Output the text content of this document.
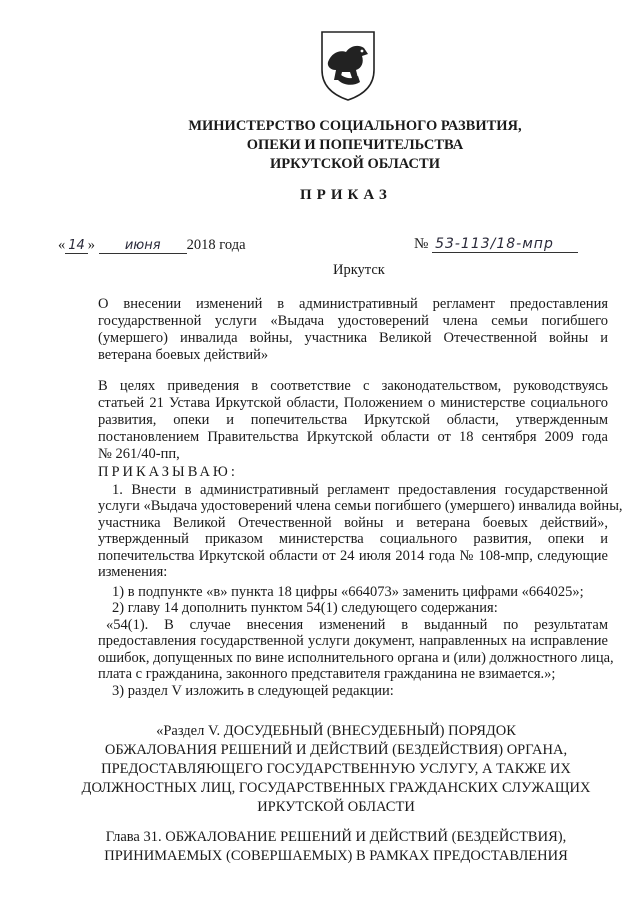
МИНИСТЕРСТВО СОЦИАЛЬНОГО РАЗВИТИЯ,
ОПЕКИ И ПОПЕЧИТЕЛЬСТВА
ИРКУТСКОЙ ОБЛАСТИ
ПРИКАЗ
« 14 » июня 2018 года	№ 53-113/18-мпр
Иркутск
О внесении изменений в административный регламент предоставления
государственной услуги «Выдача удостоверений члена семьи погибшего
(умершего) инвалида войны, участника Великой Отечественной войны и
ветерана боевых действий»
В целях приведения в соответствие с законодательством, руководствуясь
статьей 21 Устава Иркутской области, Положением о министерстве социального
развития, опеки и попечительства Иркутской области, утвержденным
постановлением Правительства Иркутской области от 18 сентября 2009 года
№ 261/40-пп,
ПРИКАЗЫВАЮ:
1. Внести в административный регламент предоставления государственной
услуги «Выдача удостоверений члена семьи погибшего (умершего) инвалида войны,
участника Великой Отечественной войны и ветерана боевых действий»,
утвержденный приказом министерства социального развития, опеки и
попечительства Иркутской области от 24 июля 2014 года № 108-мпр, следующие
изменения:
1) в подпункте «в» пункта 18 цифры «664073» заменить цифрами «664025»;
2) главу 14 дополнить пунктом 54(1) следующего содержания:
«54(1). В случае внесения изменений в выданный по результатам
предоставления государственной услуги документ, направленных на исправление
ошибок, допущенных по вине исполнительного органа и (или) должностного лица,
плата с гражданина, законного представителя гражданина не взимается.»;
3) раздел V изложить в следующей редакции:
«Раздел V. ДОСУДЕБНЫЙ (ВНЕСУДЕБНЫЙ) ПОРЯДОК
ОБЖАЛОВАНИЯ РЕШЕНИЙ И ДЕЙСТВИЙ (БЕЗДЕЙСТВИЯ) ОРГАНА,
ПРЕДОСТАВЛЯЮЩЕГО ГОСУДАРСТВЕННУЮ УСЛУГУ, А ТАКЖЕ ИХ
ДОЛЖНОСТНЫХ ЛИЦ, ГОСУДАРСТВЕННЫХ ГРАЖДАНСКИХ СЛУЖАЩИХ
ИРКУТСКОЙ ОБЛАСТИ
Глава 31. ОБЖАЛОВАНИЕ РЕШЕНИЙ И ДЕЙСТВИЙ (БЕЗДЕЙСТВИЯ),
ПРИНИМАЕМЫХ (СОВЕРШАЕМЫХ) В РАМКАХ ПРЕДОСТАВЛЕНИЯ
